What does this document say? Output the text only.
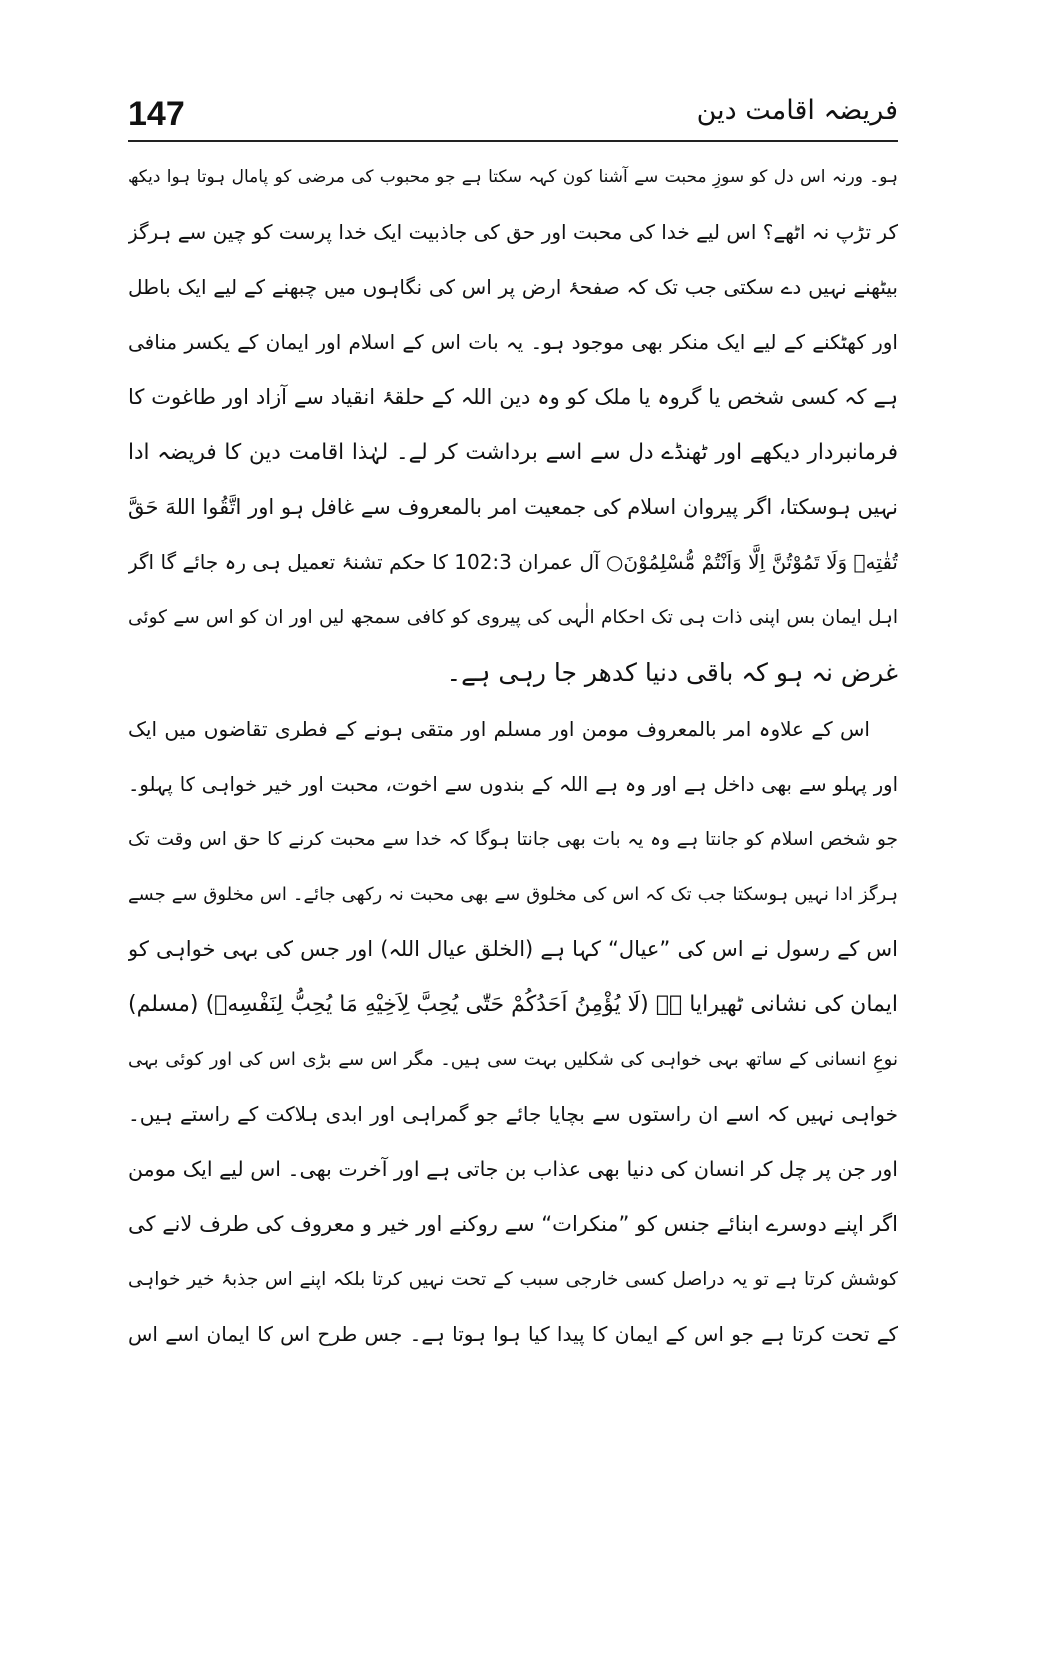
147	فریضہ اقامت دین
ہو۔ ورنہ اس دل کو سوزِ محبت سے آشنا کون کہہ سکتا ہے جو محبوب کی مرضی کو پامال ہوتا ہوا دیکھ
کر تڑپ نہ اٹھے؟ اس لیے خدا کی محبت اور حق کی جاذبیت ایک خدا پرست کو چین سے ہرگز
بیٹھنے نہیں دے سکتی جب تک کہ صفحۂ ارض پر اس کی نگاہوں میں چبھنے کے لیے ایک باطل
اور کھٹکنے کے لیے ایک منکر بھی موجود ہو۔ یہ بات اس کے اسلام اور ایمان کے یکسر منافی
ہے کہ کسی شخص یا گروہ یا ملک کو وہ دین اللہ کے حلقۂ انقیاد سے آزاد اور طاغوت کا
فرمانبردار دیکھے اور ٹھنڈے دل سے اسے برداشت کر لے۔ لہٰذا اقامت دین کا فریضہ ادا
نہیں ہوسکتا، اگر پیروان اسلام کی جمعیت امر بالمعروف سے غافل ہو اور اتَّقُوا اللهَ حَقَّ
تُقٰتِهٖ وَلَا تَمُوْتُنَّ اِلَّا وَاَنْتُمْ مُّسْلِمُوْنَ○ آل عمران 102:3 کا حکم تشنۂ تعمیل ہی رہ جائے گا اگر
اہل ایمان بس اپنی ذات ہی تک احکام الٰہی کی پیروی کو کافی سمجھ لیں اور ان کو اس سے کوئی
غرض نہ ہو کہ باقی دنیا کدھر جا رہی ہے۔
اس کے علاوہ امر بالمعروف مومن اور مسلم اور متقی ہونے کے فطری تقاضوں میں ایک
اور پہلو سے بھی داخل ہے اور وہ ہے اللہ کے بندوں سے اخوت، محبت اور خیر خواہی کا پہلو۔
جو شخص اسلام کو جانتا ہے وہ یہ بات بھی جانتا ہوگا کہ خدا سے محبت کرنے کا حق اس وقت تک
ہرگز ادا نہیں ہوسکتا جب تک کہ اس کی مخلوق سے بھی محبت نہ رکھی جائے۔ اس مخلوق سے جسے
اس کے رسول نے اس کی ”عیال“ کہا ہے (الخلق عیال اللہ) اور جس کی بہی خواہی کو
ایمان کی نشانی ٹھیرایا ہے (لَا یُؤْمِنُ اَحَدُکُمْ حَتّٰی یُحِبَّ لِاَخِیْهِ مَا یُحِبُّ لِنَفْسِهٖ) (مسلم)
نوعِ انسانی کے ساتھ بہی خواہی کی شکلیں بہت سی ہیں۔ مگر اس سے بڑی اس کی اور کوئی بہی
خواہی نہیں کہ اسے ان راستوں سے بچایا جائے جو گمراہی اور ابدی ہلاکت کے راستے ہیں۔
اور جن پر چل کر انسان کی دنیا بھی عذاب بن جاتی ہے اور آخرت بھی۔ اس لیے ایک مومن
اگر اپنے دوسرے ابنائے جنس کو ”منکرات“ سے روکنے اور خیر و معروف کی طرف لانے کی
کوشش کرتا ہے تو یہ دراصل کسی خارجی سبب کے تحت نہیں کرتا بلکہ اپنے اس جذبۂ خیر خواہی
کے تحت کرتا ہے جو اس کے ایمان کا پیدا کیا ہوا ہوتا ہے۔ جس طرح اس کا ایمان اسے اس
